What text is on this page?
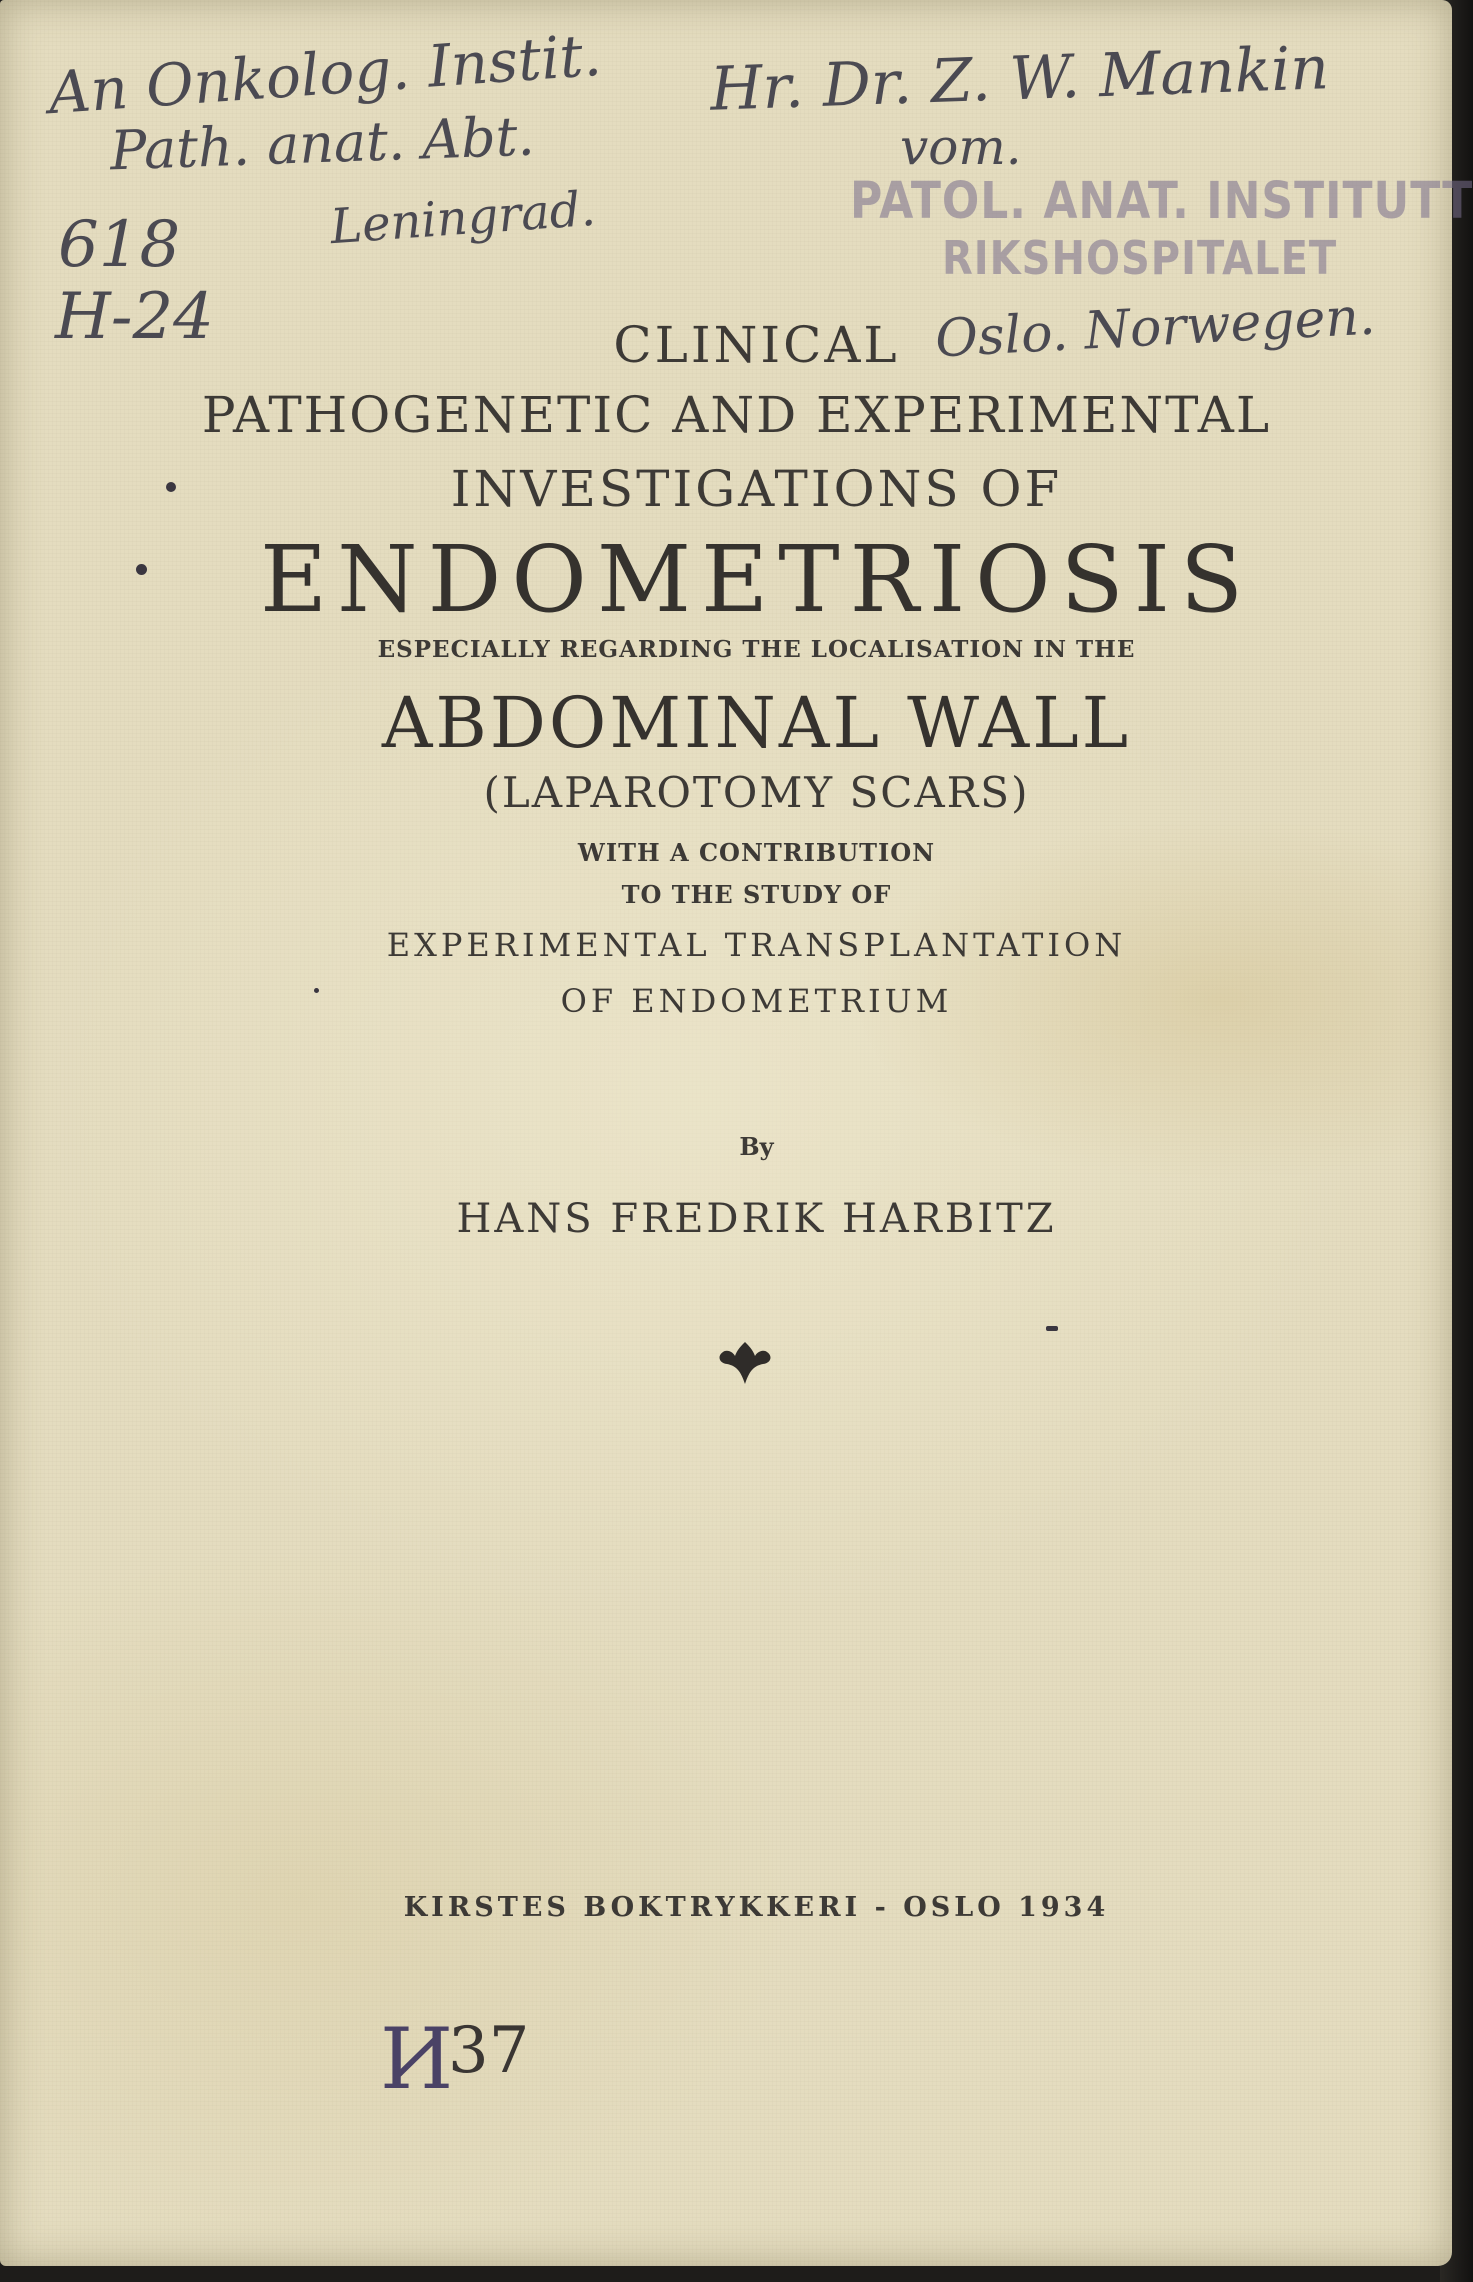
An Onkolog. Instit.
Path. anat. Abt.
Leningrad.
Hr. Dr. Z. W. Mankin
vom.
Oslo. Norwegen.
PATOL. ANAT. INSTITUTT
RIKSHOSPITALET
618
H-24	CLINICAL
PATHOGENETIC AND EXPERIMENTAL
INVESTIGATIONS OF
ENDOMETRIOSIS
ESPECIALLY REGARDING THE LOCALISATION IN THE
ABDOMINAL WALL
(LAPAROTOMY SCARS)
WITH A CONTRIBUTION
TO THE STUDY OF
EXPERIMENTAL TRANSPLANTATION
OF ENDOMETRIUM
By
HANS FREDRIK HARBITZ
KIRSTES BOKTRYKKERI - OSLO 1934
И
37
